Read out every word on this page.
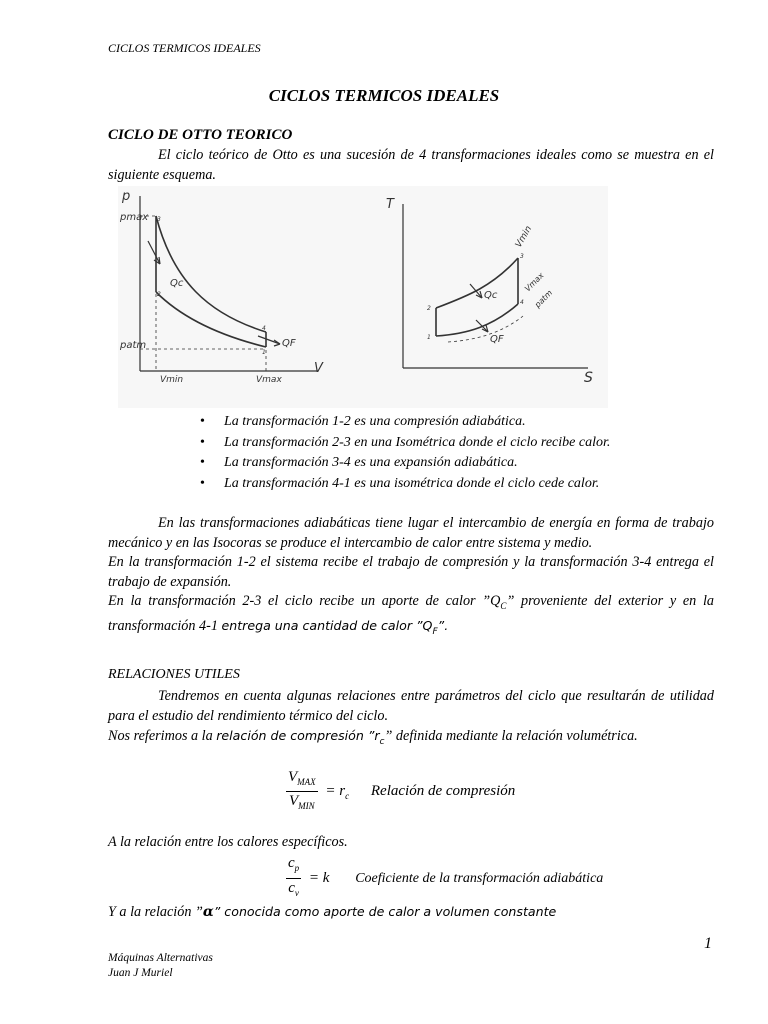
CICLOS TERMICOS IDEALES
CICLOS TERMICOS IDEALES
CICLO DE OTTO TEORICO
El ciclo teórico de Otto es una sucesión de 4 transformaciones ideales como se muestra en el siguiente esquema.
p
pmax
patm
Vmin	Vmax
V
Qc
QF
3
2
4
1
T
S
Vmin
Vmax
patm
Qc
QF
2
1
3
4
• La transformación 1-2 es una compresión adiabática.
• La transformación 2-3 en una Isométrica donde el ciclo recibe calor.
• La transformación 3-4 es una expansión adiabática.
• La transformación 4-1 es una isométrica donde el ciclo cede calor.
En las transformaciones adiabáticas tiene lugar el intercambio de energía en forma de trabajo mecánico y en las Isocoras se produce el intercambio de calor entre sistema y medio.
En la transformación 1-2 el sistema recibe el trabajo de compresión y la transformación 3-4 entrega el trabajo de expansión.
En la transformación 2-3 el ciclo recibe un aporte de calor $”Q_C$” proveniente del exterior y en la transformación 4-1 entrega una cantidad de calor $”Q_F$”.
RELACIONES UTILES
Tendremos en cuenta algunas relaciones entre parámetros del ciclo que resultarán de utilidad para el estudio del rendimiento térmico del ciclo.
Nos referimos a la relación de compresión $”r_c$” definida mediante la relación volumétrica.
$\frac{V_{MAX}}{V_{MIN}} = r_c$ Relación de compresión
A la relación entre los calores específicos.
$\frac{c_p}{c_v} = k$ Coeficiente de la transformación adiabática
Y a la relación ”α” conocida como aporte de calor a volumen constante
1
Máquinas Alternativas
Juan J Muriel
